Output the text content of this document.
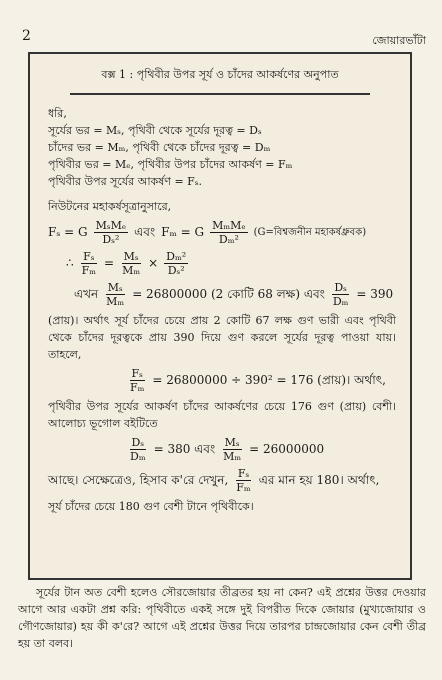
2	জোয়ারভাঁটা
বক্স 1 : পৃথিবীর উপর সূর্য ও চাঁদের আকর্ষণের অনুপাত

ধরি,

সূর্যের ভর = Mₛ, পৃথিবী থেকে সূর্যের দূরত্ব = Dₛ

চাঁদের ভর = Mₘ, পৃথিবী থেকে চাঁদের দূরত্ব = Dₘ

পৃথিবীর ভর = Mₑ, পৃথিবীর উপর চাঁদের আকর্ষণ = Fₘ

পৃথিবীর উপর সূর্যের আকর্ষণ = Fₛ.

নিউটনের মহাকর্ষসূত্রানুসারে,

Fₛ = G $\frac{\text{MₛMₑ}}{\text{Dₛ²}}$ এবং Fₘ = G $\frac{\text{MₘMₑ}}{\text{Dₘ²}}$ (G=বিশ্বজনীন মহাকর্ষধ্রুবক)
∴ $\frac{\text{Fₛ}}{\text{Fₘ}} = \frac{\text{Mₛ}}{\text{Mₘ}} \times \frac{\text{Dₘ²}}{\text{Dₛ²}}$
এখন $\frac{\text{Mₛ}}{\text{Mₘ}} = 26800000$ (2 কোটি 68 লক্ষ) এবং $\frac{\text{Dₛ}}{\text{Dₘ}} = 390$

(প্রায়)। অর্থাৎ সূর্য চাঁদের চেয়ে প্রায় 2 কোটি 67 লক্ষ গুণ ভারী এবং পৃথিবী থেকে চাঁদের দূরত্বকে প্রায় 390 দিয়ে গুণ করলে সূর্যের দূরত্ব পাওয়া যায়। তাহলে,

$\frac{\text{Fₛ}}{\text{Fₘ}} = 26800000 \div 390^2 = 176$ (প্রায়)। অর্থাৎ,

পৃথিবীর উপর সূর্যের আকর্ষণ চাঁদের আকর্ষণের চেয়ে 176 গুণ (প্রায়) বেশী। আলোচ্য ভূগোল বইটিতে

$\frac{\text{Dₛ}}{\text{Dₘ}} = 380$ এবং $\frac{\text{Mₛ}}{\text{Mₘ}} = 26000000$
আছে। সেক্ষেত্রেও, হিসাব ক'রে দেখুন, $\frac{\text{Fₛ}}{\text{Fₘ}}$ এর মান হয় 180। অর্থাৎ,

সূর্য চাঁদের চেয়ে 180 গুণ বেশী টানে পৃথিবীকে।

সূর্যের টান অত বেশী হলেও সৌরজোয়ার তীব্রতর হয় না কেন? এই প্রশ্নের উত্তর দেওয়ার আগে আর একটা প্রশ্ন করি: পৃথিবীতে একই সঙ্গে দুই বিপরীত দিকে জোয়ার (মুখ্যজোয়ার ও গৌণজোয়ার) হয় কী ক'রে? আগে এই প্রশ্নের উত্তর দিয়ে তারপর চান্দ্রজোয়ার কেন বেশী তীব্র হয় তা বলব।
